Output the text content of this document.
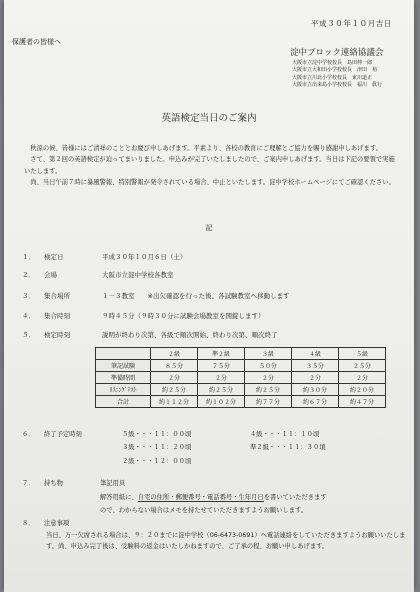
平成３０年１０月吉日
保護者の皆様へ
淀中ブロック連絡協議会
大阪市立淀中学校校長　島田伸一郎
大阪市立大和田小学校校長　津田　裕
大阪市立川北小学校校長　東川道正
大阪市立出来島小学校校長　福川　眞行
英語検定当日のご案内

　秋涼の候、皆様にはご清祥のこととお慶び申しあげます。平素より、各校の教育にご理解とご協力を賜り感謝申しあげます。

　さて、第２回の英語検定が迫ってまいりました。申込みが完了いたしましたので、ご案内申しあげます。当日は下記の要領で実施いたします。

　尚、当日午前７時に暴風警報、特別警報が発令されている場合、中止といたします。淀中学校ホームページにてご確認ください。

記
１． 検定日	平成３０年１０月６日（土）
２． 会場	大阪市立淀中学校各教室
３． 集合場所	１－３教室　　※出欠確認を行った後、各試験教室へ移動します
４． 集合時刻	９時４５分（９時３０分に試験会場教室を開錠します）
５． 検定時刻	説明が終わり次第、各級で順次開始、終わり次第、順次終了
	２級	準２級	３級	４級	５級
筆記試験	８５分	７５分	５０分	３５分	２５分
準備時間	２分	２分	２分	２分	２分
ﾘｽﾆﾝｸﾞﾃｽﾄ	約２５分	約２５分	約２５分	約３０分	約２０分
合計	約１１２分	約１０２分	約７７分	約６７分	約４７分
６． 終了予定時刻	５級・・・１１：００頃	４級・・・１１：１０頃
３級・・・１１：２０頃	準２級・・・１１：３０頃
２級・・・１２：００頃
７． 持ち物	筆記用具
解答用紙に、自宅の住所・郵便番号・電話番号・生年月日を書いていただきます
ので、わからない場合はメモを持たせていただきますようお願いします。
８． 注意事項

当日、万一欠席される場合は、９：２０までに淀中学校（06-6473-0691）へ電話連絡をしていただきますようお願いいたします。尚、申込み完了後は、受験料の返金はいたしかねますので、ご了承の程、お願い申しあげます。
